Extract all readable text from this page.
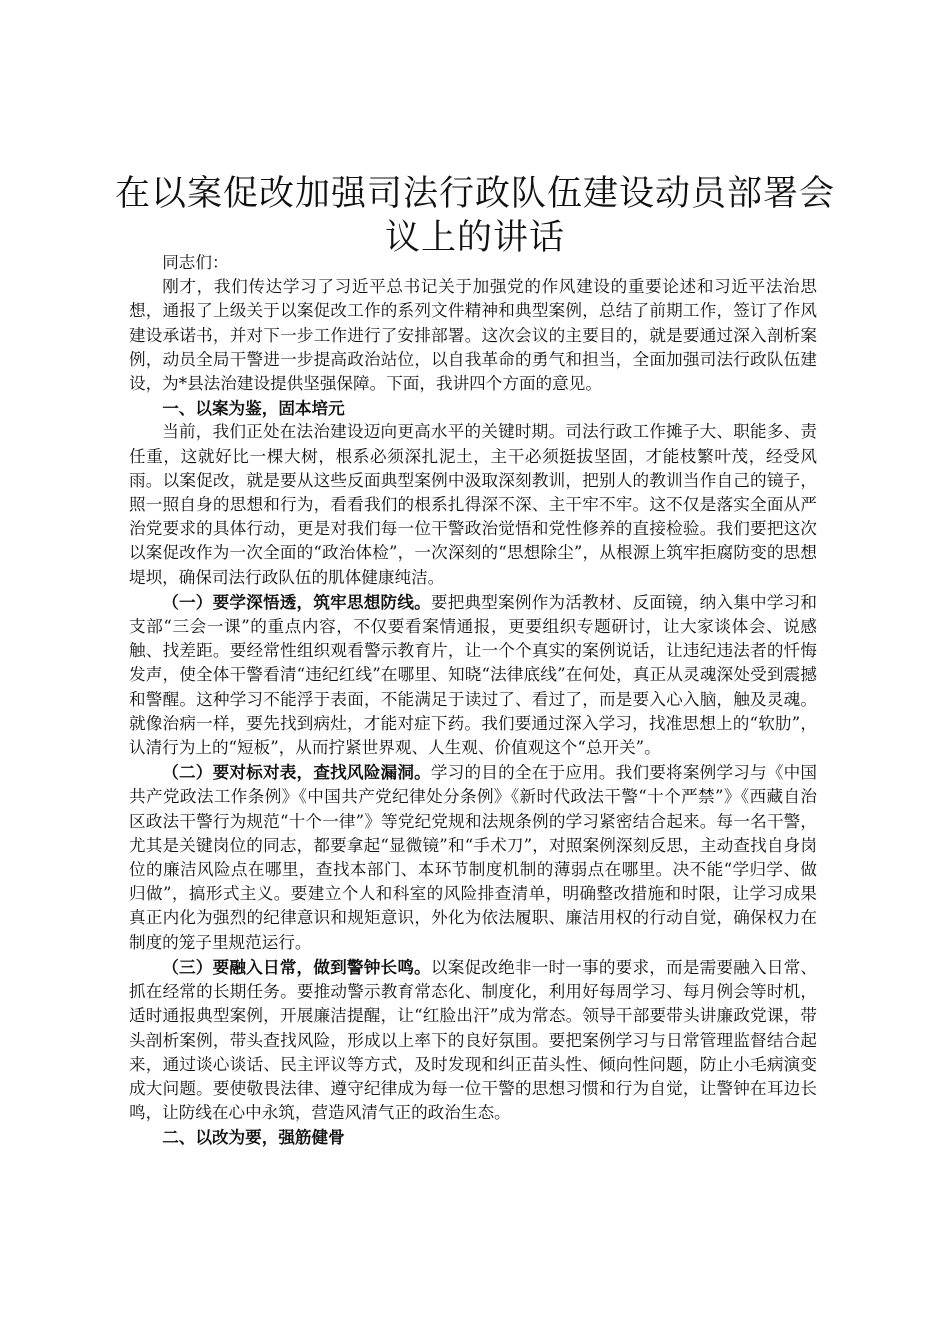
在以案促改加强司法行政队伍建设动员部署会议上的讲话

同志们：

刚才，我们传达学习了习近平总书记关于加强党的作风建设的重要论述和习近平法治思想，通报了上级关于以案促改工作的系列文件精神和典型案例，总结了前期工作，签订了作风建设承诺书，并对下一步工作进行了安排部署。这次会议的主要目的，就是要通过深入剖析案例，动员全局干警进一步提高政治站位，以自我革命的勇气和担当，全面加强司法行政队伍建设，为*县法治建设提供坚强保障。下面，我讲四个方面的意见。

一、以案为鉴，固本培元

当前，我们正处在法治建设迈向更高水平的关键时期。司法行政工作摊子大、职能多、责任重，这就好比一棵大树，根系必须深扎泥土，主干必须挺拔坚固，才能枝繁叶茂，经受风雨。以案促改，就是要从这些反面典型案例中汲取深刻教训，把别人的教训当作自己的镜子，照一照自身的思想和行为，看看我们的根系扎得深不深、主干牢不牢。这不仅是落实全面从严治党要求的具体行动，更是对我们每一位干警政治觉悟和党性修养的直接检验。我们要把这次以案促改作为一次全面的“政治体检”，一次深刻的“思想除尘”，从根源上筑牢拒腐防变的思想堤坝，确保司法行政队伍的肌体健康纯洁。

（一）要学深悟透，筑牢思想防线。要把典型案例作为活教材、反面镜，纳入集中学习和支部“三会一课”的重点内容，不仅要看案情通报，更要组织专题研讨，让大家谈体会、说感触、找差距。要经常性组织观看警示教育片，让一个个真实的案例说话，让违纪违法者的忏悔发声，使全体干警看清“违纪红线”在哪里、知晓“法律底线”在何处，真正从灵魂深处受到震撼和警醒。这种学习不能浮于表面，不能满足于读过了、看过了，而是要入心入脑，触及灵魂。就像治病一样，要先找到病灶，才能对症下药。我们要通过深入学习，找准思想上的“软肋”，认清行为上的“短板”，从而拧紧世界观、人生观、价值观这个“总开关”。

（二）要对标对表，查找风险漏洞。学习的目的全在于应用。我们要将案例学习与《中国共产党政法工作条例》《中国共产党纪律处分条例》《新时代政法干警“十个严禁”》《西藏自治区政法干警行为规范“十个一律”》等党纪党规和法规条例的学习紧密结合起来。每一名干警，尤其是关键岗位的同志，都要拿起“显微镜”和“手术刀”，对照案例深刻反思，主动查找自身岗位的廉洁风险点在哪里，查找本部门、本环节制度机制的薄弱点在哪里。决不能“学归学、做归做”，搞形式主义。要建立个人和科室的风险排查清单，明确整改措施和时限，让学习成果真正内化为强烈的纪律意识和规矩意识，外化为依法履职、廉洁用权的行动自觉，确保权力在制度的笼子里规范运行。

（三）要融入日常，做到警钟长鸣。以案促改绝非一时一事的要求，而是需要融入日常、抓在经常的长期任务。要推动警示教育常态化、制度化，利用好每周学习、每月例会等时机，适时通报典型案例，开展廉洁提醒，让“红脸出汗”成为常态。领导干部要带头讲廉政党课，带头剖析案例，带头查找风险，形成以上率下的良好氛围。要把案例学习与日常管理监督结合起来，通过谈心谈话、民主评议等方式，及时发现和纠正苗头性、倾向性问题，防止小毛病演变成大问题。要使敬畏法律、遵守纪律成为每一位干警的思想习惯和行为自觉，让警钟在耳边长鸣，让防线在心中永筑，营造风清气正的政治生态。

二、以改为要，强筋健骨
